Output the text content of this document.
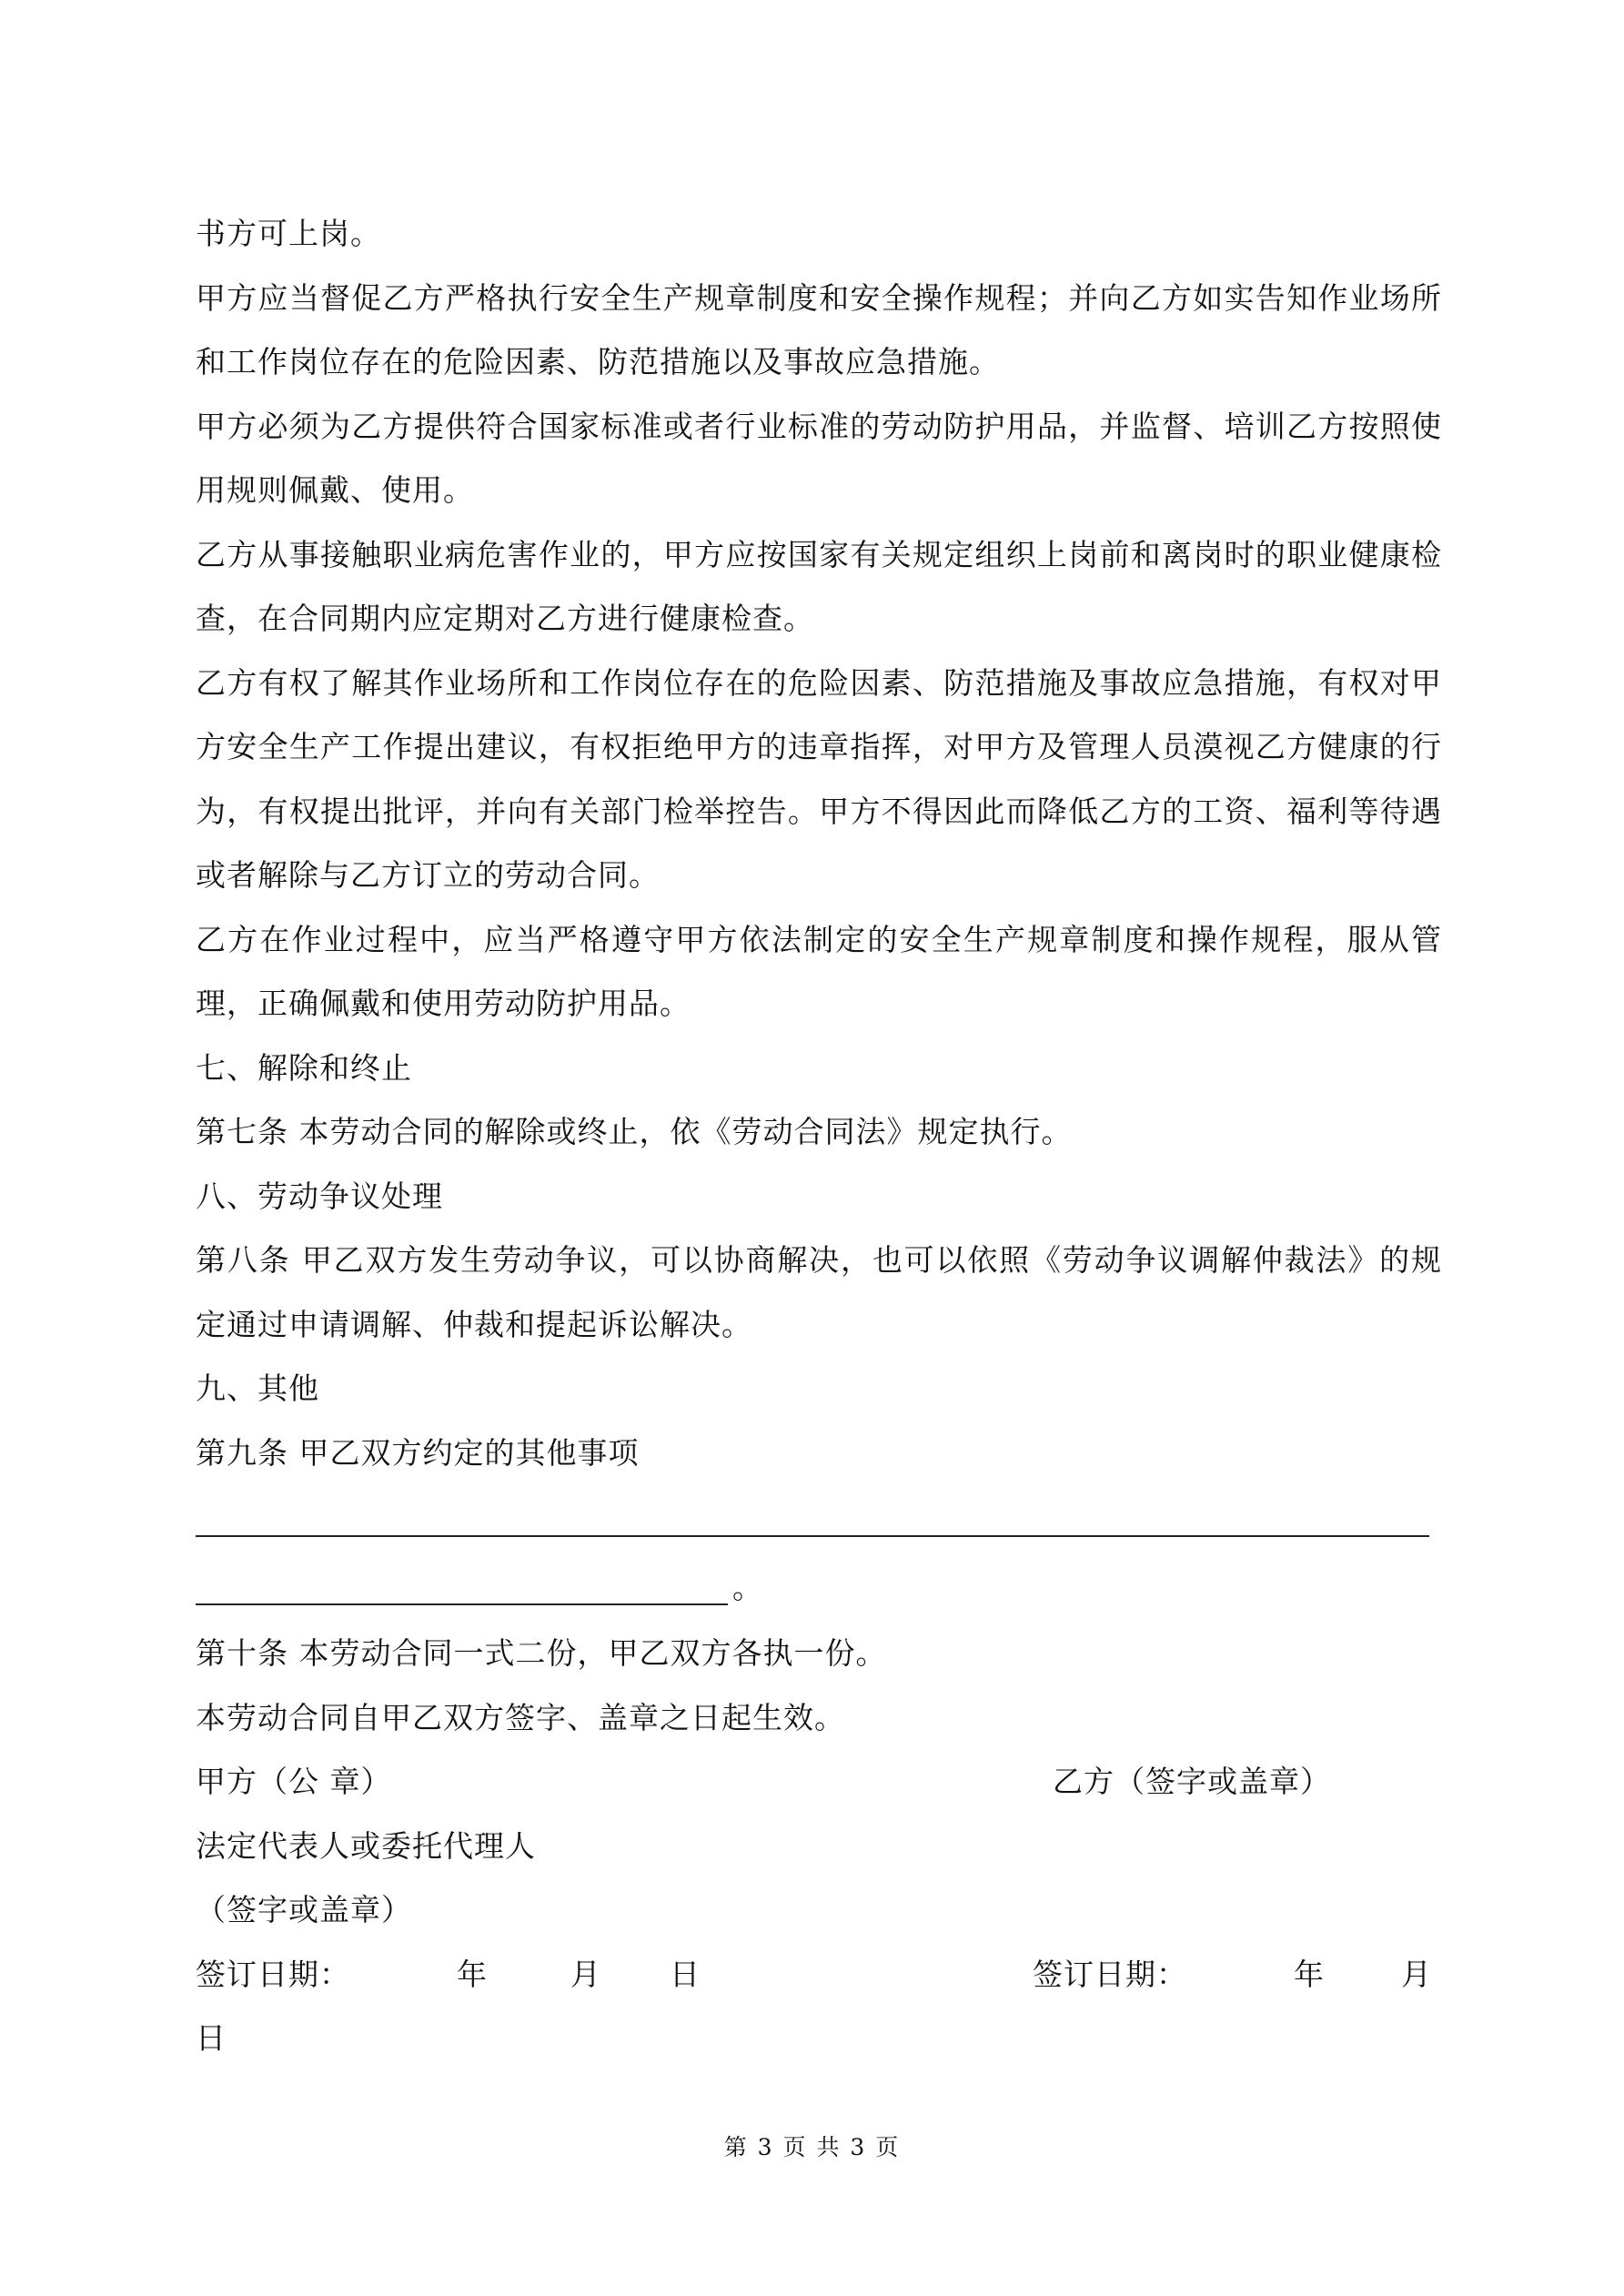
书方可上岗。

甲方应当督促乙方严格执行安全生产规章制度和安全操作规程；并向乙方如实告知作业场所和工作岗位存在的危险因素、防范措施以及事故应急措施。

甲方必须为乙方提供符合国家标准或者行业标准的劳动防护用品，并监督、培训乙方按照使用规则佩戴、使用。

乙方从事接触职业病危害作业的，甲方应按国家有关规定组织上岗前和离岗时的职业健康检查，在合同期内应定期对乙方进行健康检查。

乙方有权了解其作业场所和工作岗位存在的危险因素、防范措施及事故应急措施，有权对甲方安全生产工作提出建议，有权拒绝甲方的违章指挥，对甲方及管理人员漠视乙方健康的行为，有权提出批评，并向有关部门检举控告。甲方不得因此而降低乙方的工资、福利等待遇或者解除与乙方订立的劳动合同。

乙方在作业过程中，应当严格遵守甲方依法制定的安全生产规章制度和操作规程，服从管理，正确佩戴和使用劳动防护用品。

七、解除和终止

第七条 本劳动合同的解除或终止，依《劳动合同法》规定执行。

八、劳动争议处理

第八条 甲乙双方发生劳动争议，可以协商解决，也可以依照《劳动争议调解仲裁法》的规定通过申请调解、仲裁和提起诉讼解决。

九、其他

第九条 甲乙双方约定的其他事项

。

第十条 本劳动合同一式二份，甲乙双方各执一份。

本劳动合同自甲乙双方签字、盖章之日起生效。

甲方（公 章）	乙方（签字或盖章）
法定代表人或委托代理人
（签字或盖章）
签订日期：	年	月 日	签订日期：	年	月
日
第 3 页 共 3 页
